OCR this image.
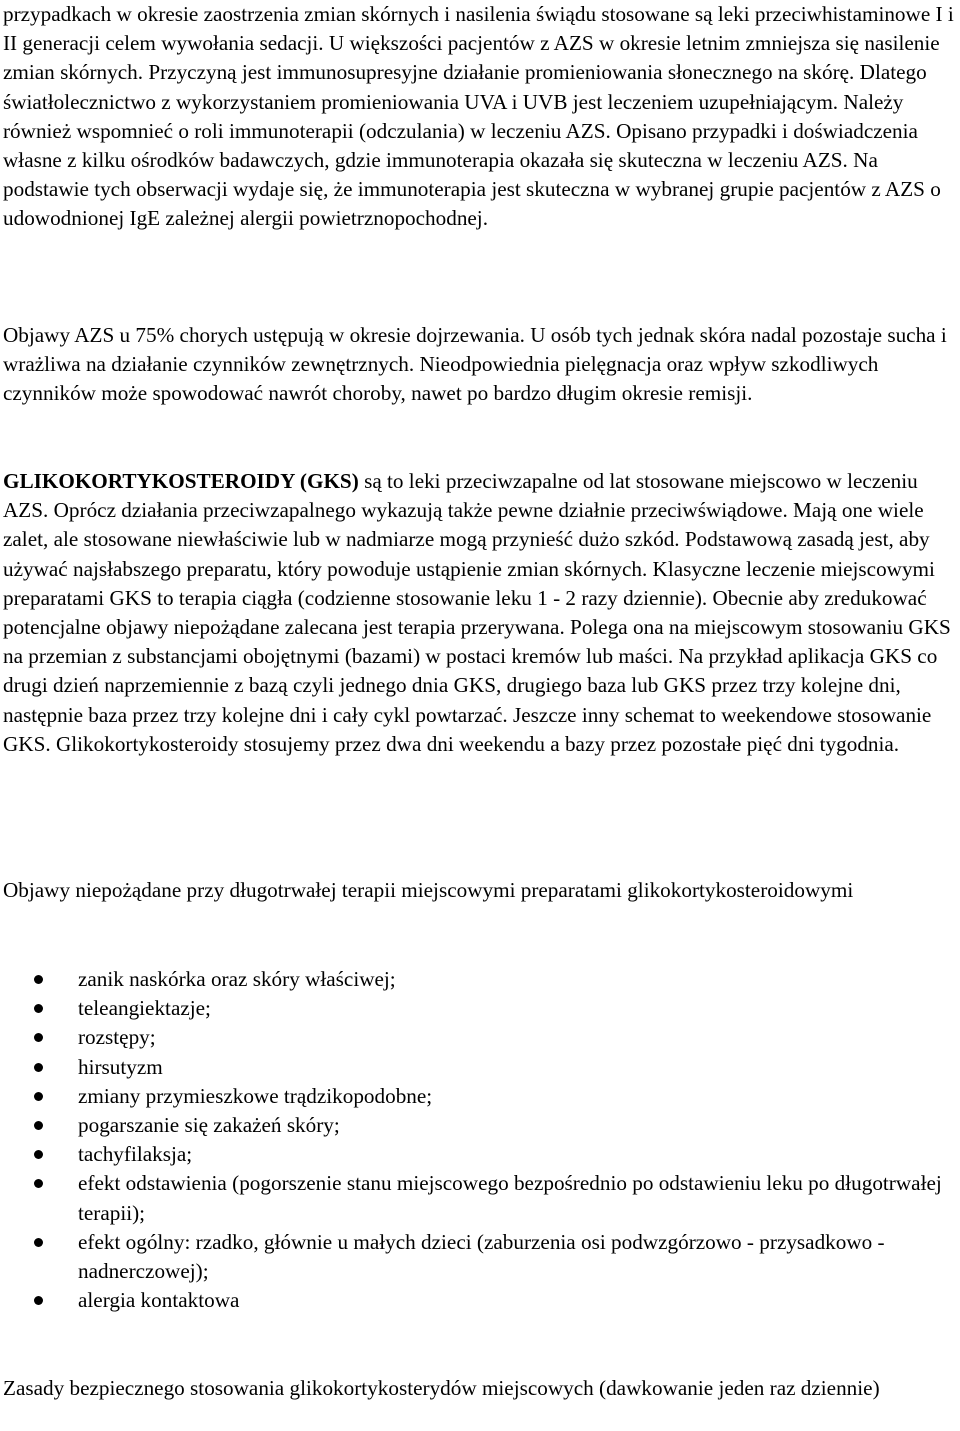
przypadkach w okresie zaostrzenia zmian skórnych i nasilenia świądu stosowane są leki przeciwhistaminowe I i II generacji celem wywołania sedacji. U większości pacjentów z AZS w okresie letnim zmniejsza się nasilenie zmian skórnych. Przyczyną jest immunosupresyjne działanie promieniowania słonecznego na skórę. Dlatego światłolecznictwo z wykorzystaniem promieniowania UVA i UVB jest leczeniem uzupełniającym. Należy również wspomnieć o roli immunoterapii (odczulania) w leczeniu AZS. Opisano przypadki i doświadczenia własne z kilku ośrodków badawczych, gdzie immunoterapia okazała się skuteczna w leczeniu AZS. Na podstawie tych obserwacji wydaje się, że immunoterapia jest skuteczna w wybranej grupie pacjentów z AZS o udowodnionej IgE zależnej alergii powietrznopochodnej.

Objawy AZS u 75% chorych ustępują w okresie dojrzewania. U osób tych jednak skóra nadal pozostaje sucha i wrażliwa na działanie czynników zewnętrznych. Nieodpowiednia pielęgnacja oraz wpływ szkodliwych czynników może spowodować nawrót choroby, nawet po bardzo długim okresie remisji.

GLIKOKORTYKOSTEROIDY (GKS) są to leki przeciwzapalne od lat stosowane miejscowo w leczeniu AZS. Oprócz działania przeciwzapalnego wykazują także pewne działnie przeciwświądowe. Mają one wiele zalet, ale stosowane niewłaściwie lub w nadmiarze mogą przynieść dużo szkód. Podstawową zasadą jest, aby używać najsłabszego preparatu, który powoduje ustąpienie zmian skórnych. Klasyczne leczenie miejscowymi preparatami GKS to terapia ciągła (codzienne stosowanie leku 1 - 2 razy dziennie). Obecnie aby zredukować potencjalne objawy niepożądane zalecana jest terapia przerywana. Polega ona na miejscowym stosowaniu GKS na przemian z substancjami obojętnymi (bazami) w postaci kremów lub maści. Na przykład aplikacja GKS co drugi dzień naprzemiennie z bazą czyli jednego dnia GKS, drugiego baza lub GKS przez trzy kolejne dni, następnie baza przez trzy kolejne dni i cały cykl powtarzać. Jeszcze inny schemat to weekendowe stosowanie GKS. Glikokortykosteroidy stosujemy przez dwa dni weekendu a bazy przez pozostałe pięć dni tygodnia.

Objawy niepożądane przy długotrwałej terapii miejscowymi preparatami glikokortykosteroidowymi

zanik naskórka oraz skóry właściwej;
teleangiektazje;
rozstępy;
hirsutyzm
zmiany przymieszkowe trądzikopodobne;
pogarszanie się zakażeń skóry;
tachyfilaksja;
efekt odstawienia (pogorszenie stanu miejscowego bezpośrednio po odstawieniu leku po długotrwałej terapii);
efekt ogólny: rzadko, głównie u małych dzieci (zaburzenia osi podwzgórzowo - przysadkowo - nadnerczowej);
alergia kontaktowa

Zasady bezpiecznego stosowania glikokortykosterydów miejscowych (dawkowanie jeden raz dziennie)
